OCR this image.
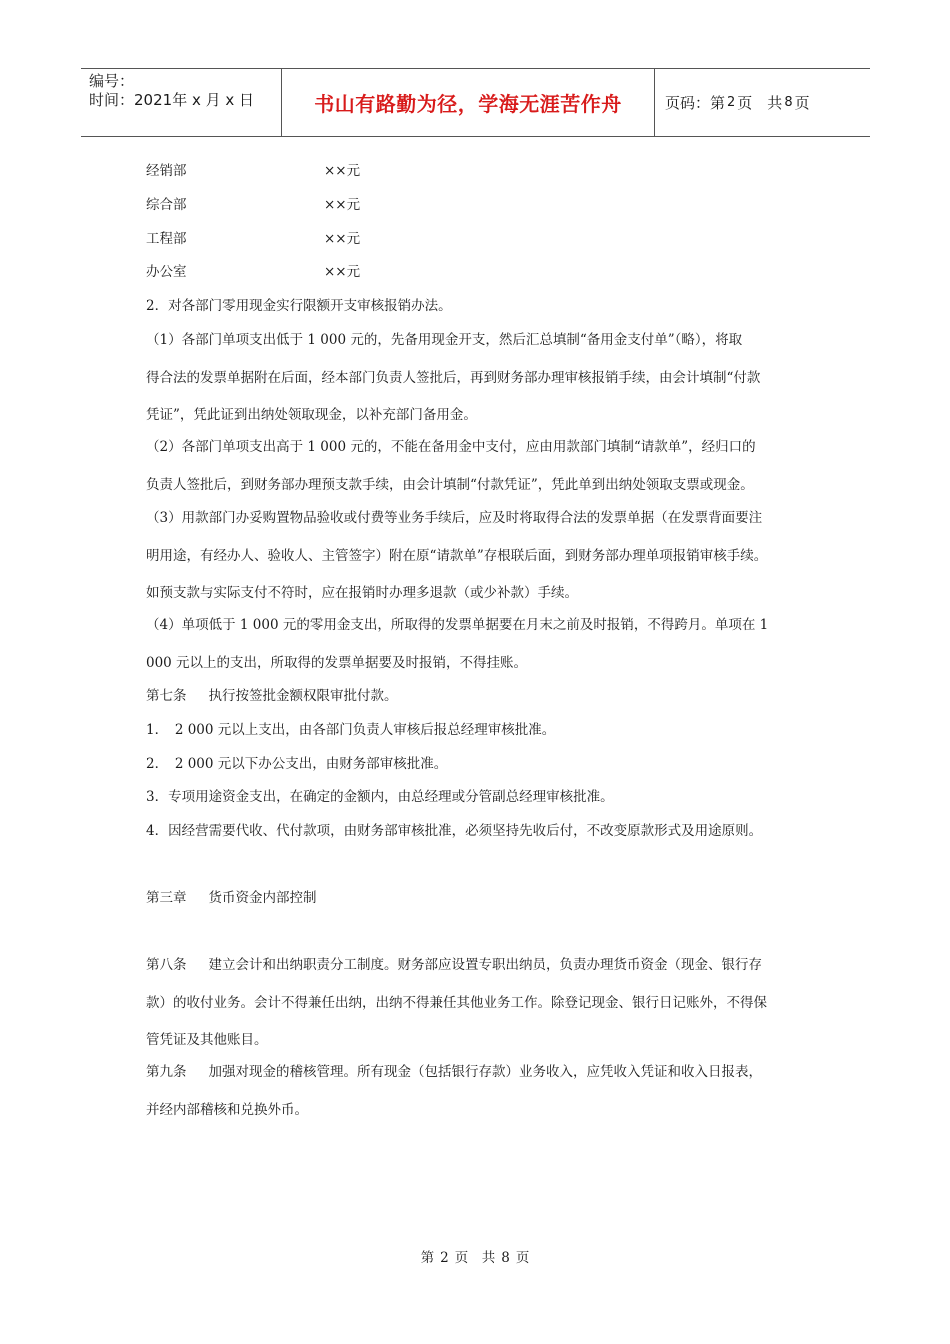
编号：
时间：2021年 x 月 x 日	书山有路勤为径，学海无涯苦作舟	页码：第 2 页　共 8 页
经销部	××元
综合部	××元
工程部	××元
办公室	××元
2．对各部门零用现金实行限额开支审核报销办法。
（1）各部门单项支出低于 1 000 元的，先备用现金开支，然后汇总填制“备用金支付单”（略），将取
得合法的发票单据附在后面，经本部门负责人签批后，再到财务部办理审核报销手续，由会计填制“付款
凭证”，凭此证到出纳处领取现金，以补充部门备用金。
（2）各部门单项支出高于 1 000 元的，不能在备用金中支付，应由用款部门填制“请款单”，经归口的
负责人签批后，到财务部办理预支款手续，由会计填制“付款凭证”，凭此单到出纳处领取支票或现金。
（3）用款部门办妥购置物品验收或付费等业务手续后，应及时将取得合法的发票单据（在发票背面要注
明用途，有经办人、验收人、主管签字）附在原“请款单”存根联后面，到财务部办理单项报销审核手续。
如预支款与实际支付不符时，应在报销时办理多退款（或少补款）手续。
（4）单项低于 1 000 元的零用金支出，所取得的发票单据要在月末之前及时报销，不得跨月。单项在 1
000 元以上的支出，所取得的发票单据要及时报销，不得挂账。
第七条 执行按签批金额权限审批付款。
1．　2 000 元以上支出，由各部门负责人审核后报总经理审核批准。
2．　2 000 元以下办公支出，由财务部审核批准。
3．专项用途资金支出，在确定的金额内，由总经理或分管副总经理审核批准。
4．因经营需要代收、代付款项，由财务部审核批准，必须坚持先收后付，不改变原款形式及用途原则。
第三章 货币资金内部控制
第八条 建立会计和出纳职责分工制度。财务部应设置专职出纳员，负责办理货币资金（现金、银行存
款）的收付业务。会计不得兼任出纳，出纳不得兼任其他业务工作。除登记现金、银行日记账外，不得保
管凭证及其他账目。
第九条 加强对现金的稽核管理。所有现金（包括银行存款）业务收入，应凭收入凭证和收入日报表，
并经内部稽核和兑换外币。
第 2 页　共 8 页
